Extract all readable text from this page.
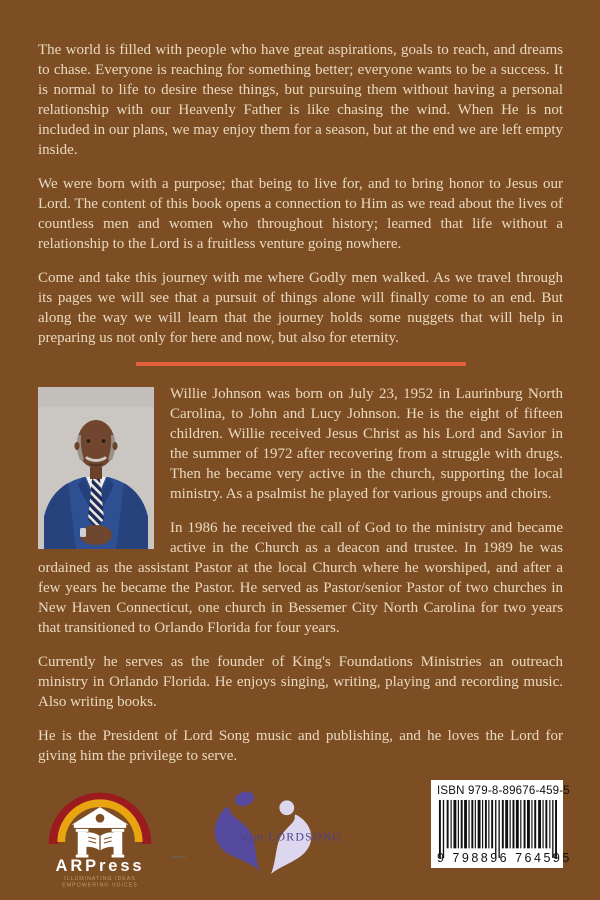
The world is filled with people who have great aspirations, goals to reach, and dreams to chase. Everyone is reaching for something better; everyone wants to be a success. It is normal to life to desire these things, but pursuing them without having a personal relationship with our Heavenly Father is like chasing the wind. When He is not included in our plans, we may enjoy them for a season, but at the end we are left empty inside.

We were born with a purpose; that being to live for, and to bring honor to Jesus our Lord. The content of this book opens a connection to Him as we read about the lives of countless men and women who throughout history; learned that life without a relationship to the Lord is a fruitless venture going nowhere.

Come and take this journey with me where Godly men walked. As we travel through its pages we will see that a pursuit of things alone will finally come to an end. But along the way we will learn that the journey holds some nuggets that will help in preparing us not only for here and now, but also for eternity.

Willie Johnson was born on July 23, 1952 in Laurinburg North Carolina, to John and Lucy Johnson. He is the eight of fifteen children. Willie received Jesus Christ as his Lord and Savior in the summer of 1972 after recovering from a struggle with drugs. Then he became very active in the church, supporting the local ministry. As a psalmist he played for various groups and choirs.

In 1986 he received the call of God to the ministry and became active in the Church as a deacon and trustee. In 1989 he was ordained as the assistant Pastor at the local Church where he worshiped, and after a few years he became the Pastor. He served as Pastor/senior Pastor of two churches in New Haven Connecticut, one church in Bessemer City North Carolina for two years that transitioned to Orlando Florida for four years.

Currently he serves as the founder of King's Foundations Ministries an outreach ministry in Orlando Florida. He enjoys singing, writing, playing and recording music. Also writing books.

He is the President of Lord Song music and publishing, and he loves the Lord for giving him the privilege to serve.

ARPress
ILLUMINATING IDEAS
EMPOWERING VOICES
wjm LORDSONG
ISBN 979-8-89676-459-5
9 798896 764595
